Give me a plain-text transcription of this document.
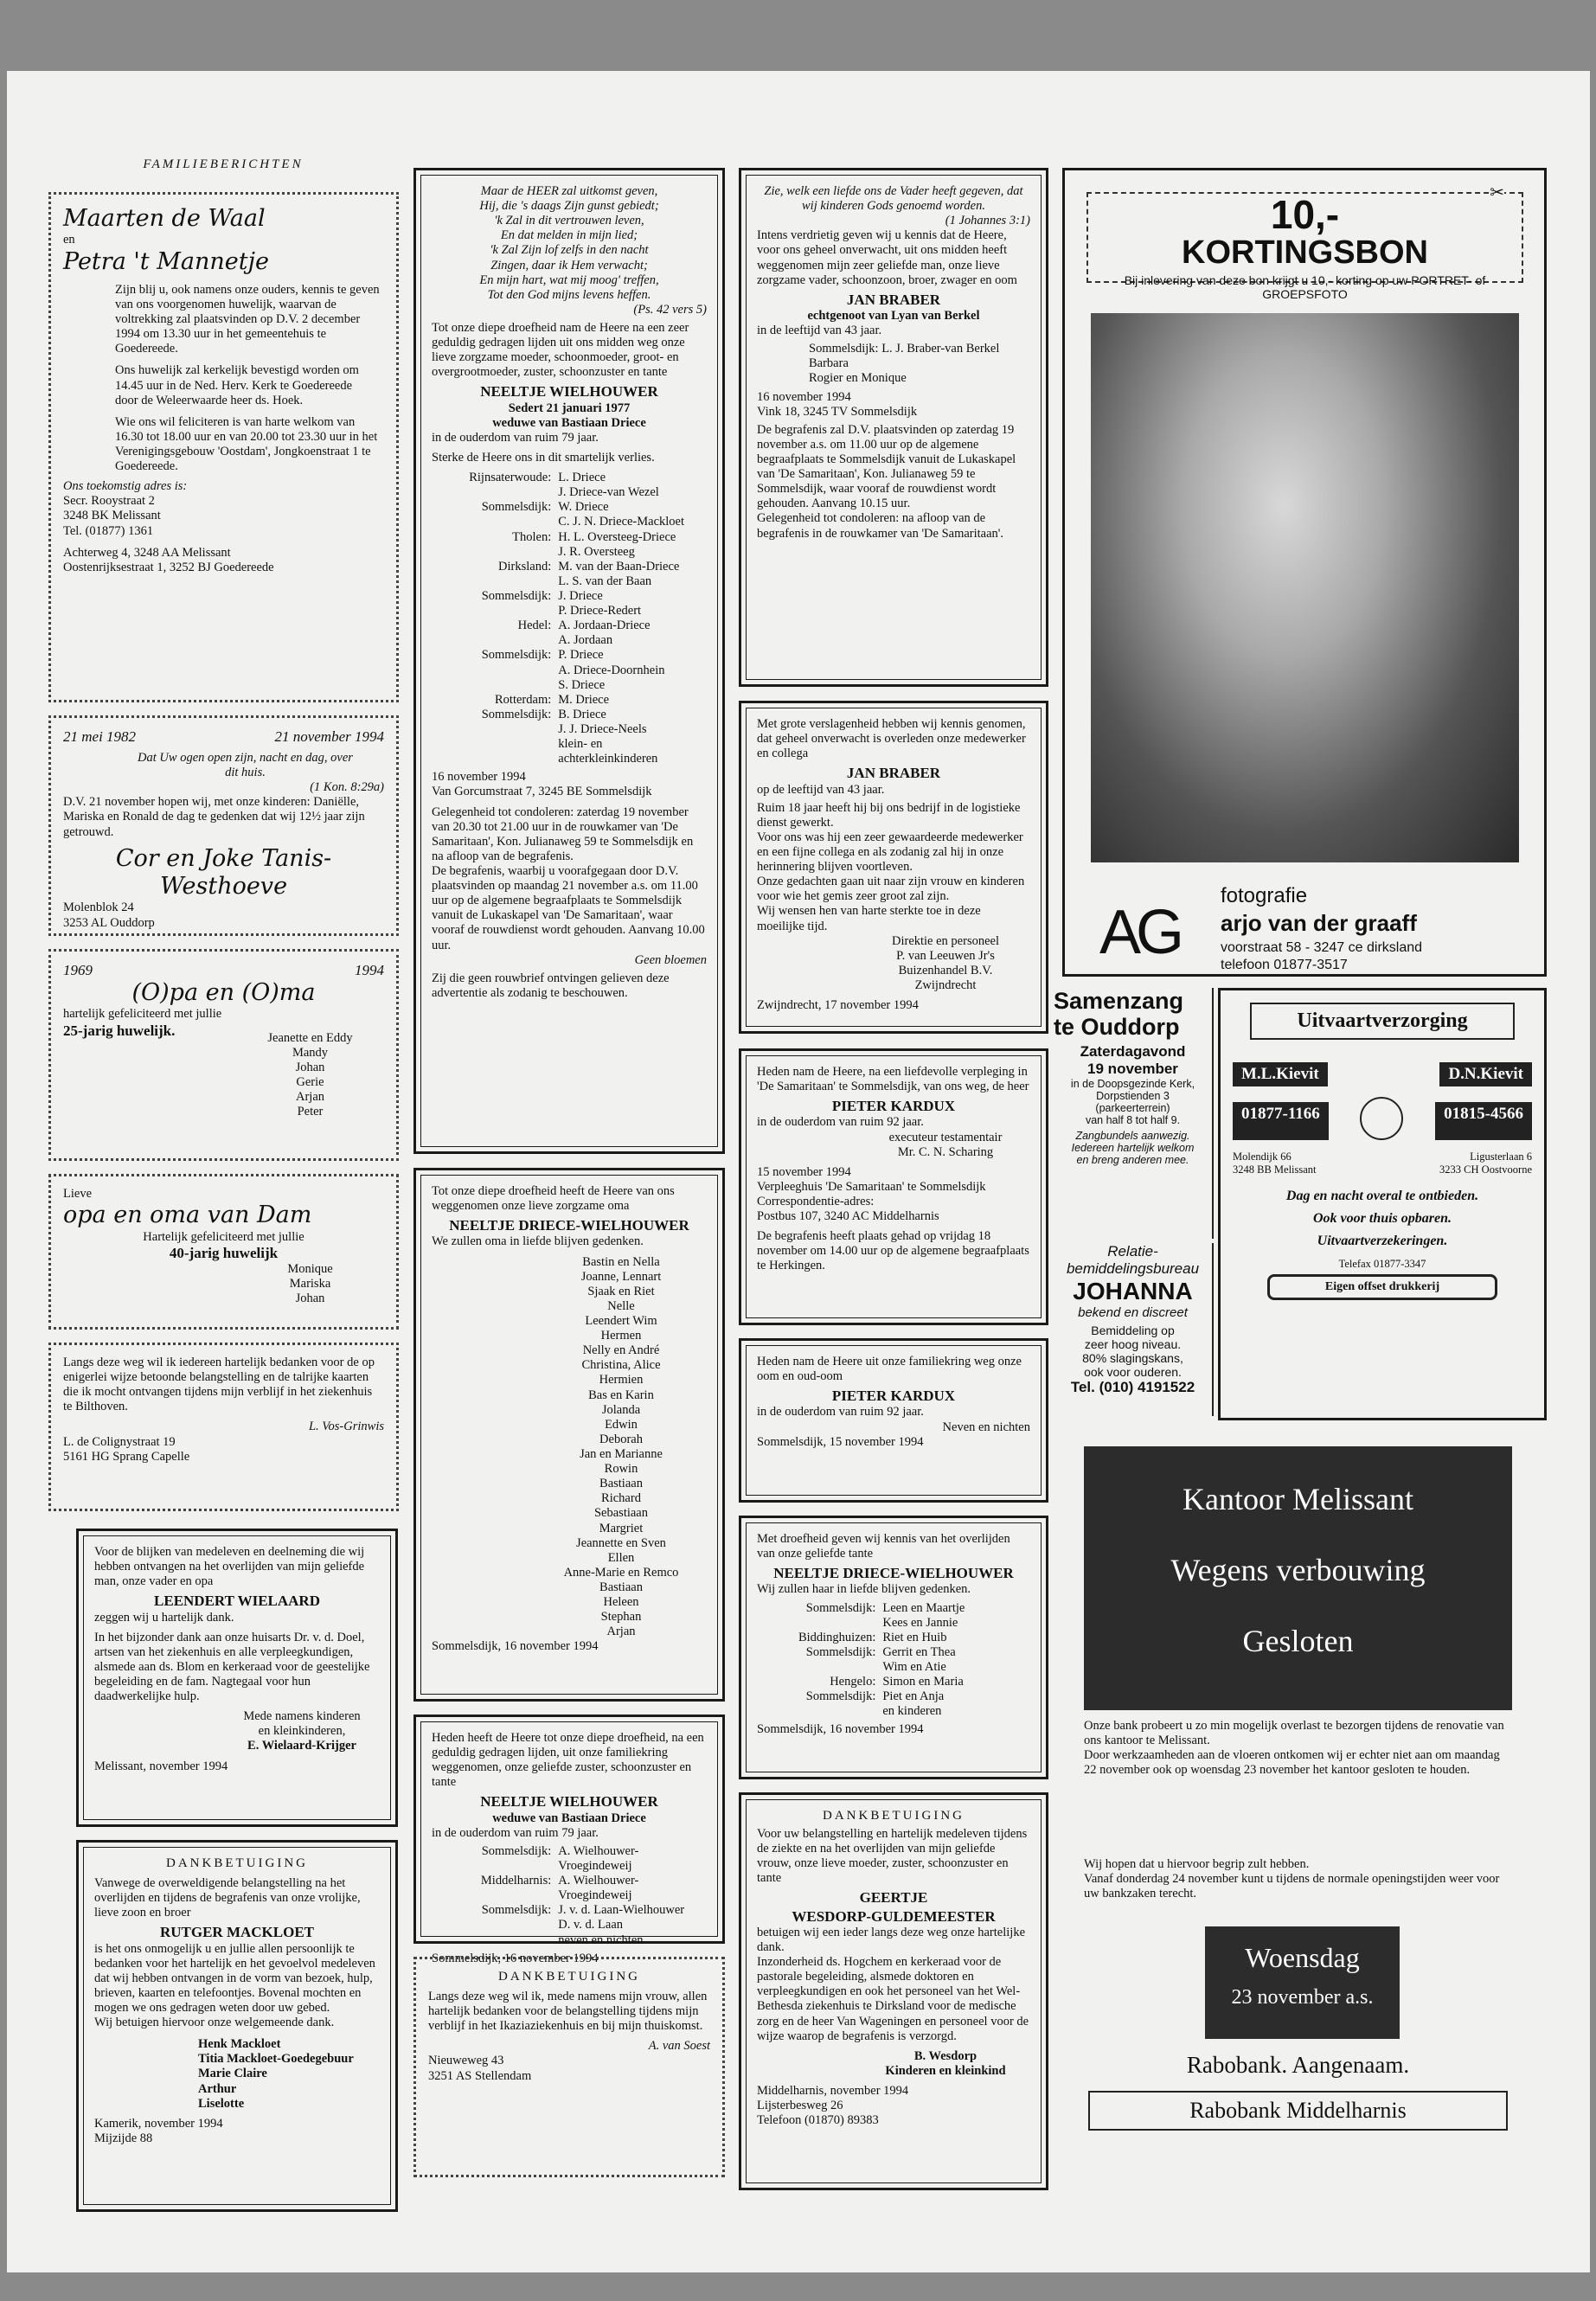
FAMILIEBERICHTEN
Maarten de Waal
en
Petra 't Mannetje
Zijn blij u, ook namens onze ouders, kennis te geven van ons voorgenomen huwelijk, waarvan de voltrekking zal plaatsvinden op D.V. 2 december 1994 om 13.30 uur in het gemeentehuis te Goedereede.
Ons huwelijk zal kerkelijk bevestigd worden om 14.45 uur in de Ned. Herv. Kerk te Goedereede
door de Weleerwaarde heer ds. Hoek.
Wie ons wil feliciteren is van harte welkom van 16.30 tot 18.00 uur en van 20.00 tot 23.30 uur in het Verenigingsgebouw 'Oostdam', Jongkoenstraat 1 te Goedereede.
Ons toekomstig adres is:
Secr. Rooystraat 2
3248 BK Melissant
Tel. (01877) 1361
Achterweg 4, 3248 AA Melissant
Oostenrijksestraat 1, 3252 BJ Goedereede
21 mei 1982	21 november 1994
Dat Uw ogen open zijn, nacht en dag, over dit huis.
(1 Kon. 8:29a)
D.V. 21 november hopen wij, met onze kinderen: Daniëlle, Mariska en Ronald de dag te gedenken dat wij 12½ jaar zijn getrouwd.
Cor en Joke Tanis-Westhoeve
Molenblok 24
3253 AL Ouddorp
1969	1994
(O)pa en (O)ma
hartelijk gefeliciteerd met jullie
25-jarig huwelijk.	Jeanette en Eddy
Mandy
Johan
Gerie
Arjan
Peter
Lieve
opa en oma van Dam
Hartelijk gefeliciteerd met jullie
40-jarig huwelijk
Monique
Mariska
Johan
Langs deze weg wil ik iedereen hartelijk bedanken voor de op enigerlei wijze betoonde belangstelling en de talrijke kaarten die ik mocht ontvangen tijdens mijn verblijf in het ziekenhuis te Bilthoven.
L. Vos-Grinwis
L. de Colignystraat 19
5161 HG Sprang Capelle
Voor de blijken van medeleven en deelneming die wij hebben ontvangen na het overlijden van mijn geliefde man, onze vader en opa
LEENDERT WIELAARD
zeggen wij u hartelijk dank.
In het bijzonder dank aan onze huisarts Dr. v. d. Doel, artsen van het ziekenhuis en alle verpleegkundigen, alsmede aan ds. Blom en kerkeraad voor de geestelijke begeleiding en de fam. Nagtegaal voor hun daadwerkelijke hulp.
Mede namens kinderen
en kleinkinderen,
E. Wielaard-Krijger
Melissant, november 1994
DANKBETUIGING
Vanwege de overweldigende belangstelling na het overlijden en tijdens de begrafenis van onze vrolijke, lieve zoon en broer
RUTGER MACKLOET
is het ons onmogelijk u en jullie allen persoonlijk te bedanken voor het hartelijk en het gevoelvol medeleven dat wij hebben ontvangen in de vorm van bezoek, hulp, brieven, kaarten en telefoontjes. Bovenal mochten en mogen we ons gedragen weten door uw gebed.
Wij betuigen hiervoor onze welgemeende dank.
Henk Mackloet
Titia Mackloet-Goedegebuur
Marie Claire
Arthur
Liselotte
Kamerik, november 1994
Mijzijde 88
Maar de HEER zal uitkomst geven,
Hij, die 's daags Zijn gunst gebiedt;
'k Zal in dit vertrouwen leven,
En dat melden in mijn lied;
'k Zal Zijn lof zelfs in den nacht
Zingen, daar ik Hem verwacht;
En mijn hart, wat mij moog' treffen,
Tot den God mijns levens heffen.
(Ps. 42 vers 5)
Tot onze diepe droefheid nam de Heere na een zeer geduldig gedragen lijden uit ons midden weg onze lieve zorgzame moeder, schoonmoeder, groot- en overgrootmoeder, zuster, schoonzuster en tante
NEELTJE WIELHOUWER
Sedert 21 januari 1977
weduwe van Bastiaan Driece
in de ouderdom van ruim 79 jaar.
Sterke de Heere ons in dit smartelijk verlies.
Rijnsaterwoude: L. Driece
J. Driece-van Wezel
Sommelsdijk: W. Driece
C. J. N. Driece-Mackloet
Tholen: H. L. Oversteeg-Driece
J. R. Oversteeg
Dirksland: M. van der Baan-Driece
L. S. van der Baan
Sommelsdijk: J. Driece
P. Driece-Redert
Hedel: A. Jordaan-Driece
A. Jordaan
Sommelsdijk: P. Driece
A. Driece-Doornhein
S. Driece
Rotterdam: M. Driece
Sommelsdijk: B. Driece
J. J. Driece-Neels
klein- en
achterkleinkinderen
16 november 1994
Van Gorcumstraat 7, 3245 BE Sommelsdijk
Gelegenheid tot condoleren: zaterdag 19 november van 20.30 tot 21.00 uur in de rouwkamer van 'De Samaritaan', Kon. Julianaweg 59 te Sommelsdijk en na afloop van de begrafenis.
De begrafenis, waarbij u voorafgegaan door D.V. plaatsvinden op maandag 21 november a.s. om 11.00 uur op de algemene begraafplaats te Sommelsdijk vanuit de Lukaskapel van 'De Samaritaan', waar vooraf de rouwdienst wordt gehouden. Aanvang 10.00 uur.
Geen bloemen
Zij die geen rouwbrief ontvingen gelieven deze advertentie als zodanig te beschouwen.
Tot onze diepe droefheid heeft de Heere van ons weggenomen onze lieve zorgzame oma
NEELTJE DRIECE-WIELHOUWER
We zullen oma in liefde blijven gedenken.
Bastin en Nella
Joanne, Lennart
Sjaak en Riet
Nelle
Leendert Wim
Hermen
Nelly en André
Christina, Alice
Hermien
Bas en Karin
Jolanda
Edwin
Deborah
Jan en Marianne
Rowin
Bastiaan
Richard
Sebastiaan
Margriet
Jeannette en Sven
Ellen
Anne-Marie en Remco
Bastiaan
Heleen
Stephan
Arjan
Sommelsdijk, 16 november 1994
Heden heeft de Heere tot onze diepe droefheid, na een geduldig gedragen lijden, uit onze familiekring weggenomen, onze geliefde zuster, schoonzuster en tante
NEELTJE WIELHOUWER
weduwe van Bastiaan Driece
in de ouderdom van ruim 79 jaar.
Sommelsdijk: A. Wielhouwer-Vroegindeweij
Middelharnis: A. Wielhouwer-Vroegindeweij
Sommelsdijk: J. v. d. Laan-Wielhouwer
D. v. d. Laan
neven en nichten
Sommelsdijk, 16 november 1994
Zie, welk een liefde ons de Vader heeft gegeven, dat wij kinderen Gods genoemd worden.
(1 Johannes 3:1)
Intens verdrietig geven wij u kennis dat de Heere, voor ons geheel onverwacht, uit ons midden heeft weggenomen mijn zeer geliefde man, onze lieve zorgzame vader, schoonzoon, broer, zwager en oom
JAN BRABER
echtgenoot van Lyan van Berkel
in de leeftijd van 43 jaar.
Sommelsdijk: L. J. Braber-van Berkel
Barbara
Rogier en Monique
16 november 1994
Vink 18, 3245 TV Sommelsdijk
De begrafenis zal D.V. plaatsvinden op zaterdag 19 november a.s. om 11.00 uur op de algemene begraafplaats te Sommelsdijk vanuit de Lukaskapel van 'De Samaritaan', Kon. Julianaweg 59 te Sommelsdijk, waar vooraf de rouwdienst wordt gehouden. Aanvang 10.15 uur.
Gelegenheid tot condoleren: na afloop van de begrafenis in de rouwkamer van 'De Samaritaan'.
Met grote verslagenheid hebben wij kennis genomen, dat geheel onverwacht is overleden onze medewerker en collega
JAN BRABER
op de leeftijd van 43 jaar.
Ruim 18 jaar heeft hij bij ons bedrijf in de logistieke dienst gewerkt.
Voor ons was hij een zeer gewaardeerde medewerker en een fijne collega en als zodanig zal hij in onze herinnering blijven voortleven.
Onze gedachten gaan uit naar zijn vrouw en kinderen voor wie het gemis zeer groot zal zijn.
Wij wensen hen van harte sterkte toe in deze moeilijke tijd.
Direktie en personeel
P. van Leeuwen Jr's
Buizenhandel B.V.
Zwijndrecht
Zwijndrecht, 17 november 1994
Heden nam de Heere, na een liefdevolle verpleging in 'De Samaritaan' te Sommelsdijk, van ons weg, de heer
PIETER KARDUX
in de ouderdom van ruim 92 jaar.
executeur testamentair
Mr. C. N. Scharing
15 november 1994
Verpleeghuis 'De Samaritaan' te Sommelsdijk
Correspondentie-adres:
Postbus 107, 3240 AC Middelharnis
De begrafenis heeft plaats gehad op vrijdag 18 november om 14.00 uur op de algemene begraafplaats te Herkingen.
Heden nam de Heere uit onze familiekring weg onze oom en oud-oom
PIETER KARDUX
in de ouderdom van ruim 92 jaar.
Neven en nichten
Sommelsdijk, 15 november 1994
Met droefheid geven wij kennis van het overlijden van onze geliefde tante
NEELTJE DRIECE-WIELHOUWER
Wij zullen haar in liefde blijven gedenken.
Sommelsdijk: Leen en Maartje
Kees en Jannie
Biddinghuizen: Riet en Huib
Sommelsdijk: Gerrit en Thea
Wim en Atie
Hengelo: Simon en Maria
Sommelsdijk: Piet en Anja
en kinderen
Sommelsdijk, 16 november 1994
DANKBETUIGING
Voor uw belangstelling en hartelijk medeleven tijdens de ziekte en na het overlijden van mijn geliefde vrouw, onze lieve moeder, zuster, schoonzuster en tante
GEERTJE
WESDORP-GULDEMEESTER
betuigen wij een ieder langs deze weg onze hartelijke dank.
Inzonderheid ds. Hogchem en kerkeraad voor de pastorale begeleiding, alsmede doktoren en verpleegkundigen en ook het personeel van het Wel-Bethesda ziekenhuis te Dirksland voor de medische zorg en de heer Van Wageningen en personeel voor de wijze waarop de begrafenis is verzorgd.
B. Wesdorp
Kinderen en kleinkind
Middelharnis, november 1994
Lijsterbesweg 26
Telefoon (01870) 89383
DANKBETUIGING
Langs deze weg wil ik, mede namens mijn vrouw, allen hartelijk bedanken voor de belangstelling tijdens mijn verblijf in het Ikaziaziekenhuis en bij mijn thuiskomst.
A. van Soest
Nieuweweg 43
3251 AS Stellendam
✂
10,-
KORTINGSBON
Bij inlevering van deze bon krijgt u 10,- korting op uw PORTRET- of GROEPSFOTO
AG
fotografie
arjo van der graaff
voorstraat 58 - 3247 ce dirksland
telefoon 01877-3517
Samenzang
te Ouddorp
Zaterdagavond
19 november
in de Doopsgezinde Kerk,
Dorpstienden 3
(parkeerterrein)
van half 8 tot half 9.
Zangbundels aanwezig.
Iedereen hartelijk welkom
en breng anderen mee.
Relatie-
bemiddelingsbureau
JOHANNA
bekend en discreet
Bemiddeling op
zeer hoog niveau.
80% slagingskans,
ook voor ouderen.
Tel. (010) 4191522
Uitvaartverzorging
M.L.Kievit	D.N.Kievit
01877-1166	01815-4566
Molendijk 66
3248 BB Melissant
Ligusterlaan 6
3233 CH Oostvoorne
Dag en nacht overal te ontbieden.
Ook voor thuis opbaren.
Uitvaartverzekeringen.
Telefax 01877-3347
Eigen offset drukkerij
Kantoor Melissant
Wegens verbouwing
Gesloten
Onze bank probeert u zo min mogelijk overlast te bezorgen tijdens de renovatie van ons kantoor te Melissant.
Door werkzaamheden aan de vloeren ontkomen wij er echter niet aan om maandag 22 november ook op woensdag 23 november het kantoor gesloten te houden.
Wij hopen dat u hiervoor begrip zult hebben.
Vanaf donderdag 24 november kunt u tijdens de normale openingstijden weer voor uw bankzaken terecht.
Woensdag
23 november a.s.
Rabobank. Aangenaam.
Rabobank Middelharnis
